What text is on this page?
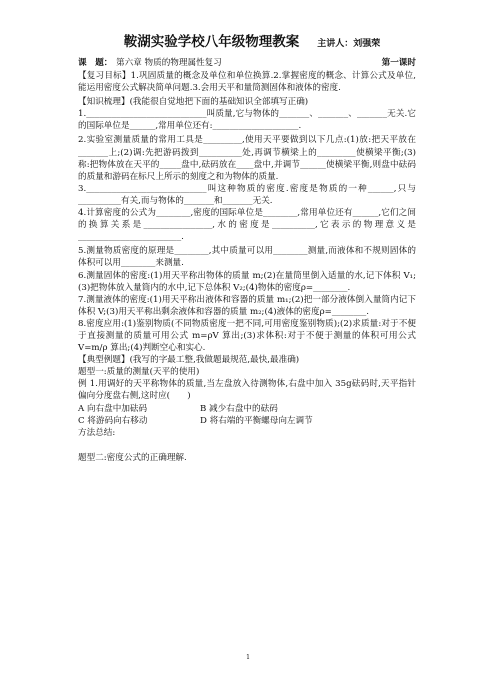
鞍湖实验学校八年级物理教案 主讲人：刘强荣
课　题： 第六章 物质的物理属性复习	第一课时

【复习目标】1.巩固质量的概念及单位和单位换算.2.掌握密度的概念、计算公式及单位,能运用密度公式解决简单问题.3.会用天平和量筒测固体和液体的密度.

【知识梳理】(我能很自觉地把下面的基础知识全部填写正确)

1.____________________________叫质量,它与物体的_______、_______、_______无关.它的国际单位是______,常用单位还有:____________________.

2.实验室测量质量的常用工具是_________,使用天平要做到以下几点:(1)放:把天平放在_______上;(2)调:先把游码拨到__________处,再调节横梁上的_________使横梁平衡;(3)称:把物体放在天平的_____盘中,砝码放在____盘中,并调节______使横梁平衡,则盘中砝码的质量和游码在标尺上所示的刻度之和为物体的质量.

3.____________________________叫这种物质的密度.密度是物质的一种______,只与__________有关,而与物体的_______和_______无关.

4.计算密度的公式为________,密度的国际单位是________,常用单位还有______,它们之间的换算关系是________________,水的密度是__________,它表示的物理意义是________________________.

5.测量物质密度的原理是________,其中质量可以用________测量,而液体和不规则固体的体积可以用________来测量.

6.测量固体的密度:(1)用天平称出物体的质量 m;(2)在量筒里倒入适量的水,记下体积 V₁;(3)把物体放入量筒内的水中,记下总体积 V₂;(4)物体的密度ρ=________.

7.测量液体的密度:(1)用天平称出液体和容器的质量 m₁;(2)把一部分液体倒入量筒内记下体积 V;(3)用天平称出剩余液体和容器的质量 m₂;(4)液体的密度ρ=________.

8.密度应用:(1)鉴别物质(不同物质密度一把不同,可用密度鉴别物质);(2)求质量:对于不便于直接测量的质量可用公式 m=ρV 算出;(3)求体积:对于不便于测量的体积可用公式 V=m/ρ 算出;(4)判断空心和实心.

【典型例题】(我写的字最工整,我做题最规范,最快,最准确)

题型一:质量的测量(天平的使用)

例 1.用调好的天平称物体的质量,当左盘放入待测物体,右盘中加入 35g砝码时,天平指针偏向分度盘右侧,这时应(　　)

A 向右盘中加砝码	B 减少右盘中的砝码
C 将游码向右移动	D 将右端的平衡螺母向左调节

方法总结:

题型二:密度公式的正确理解.

1
